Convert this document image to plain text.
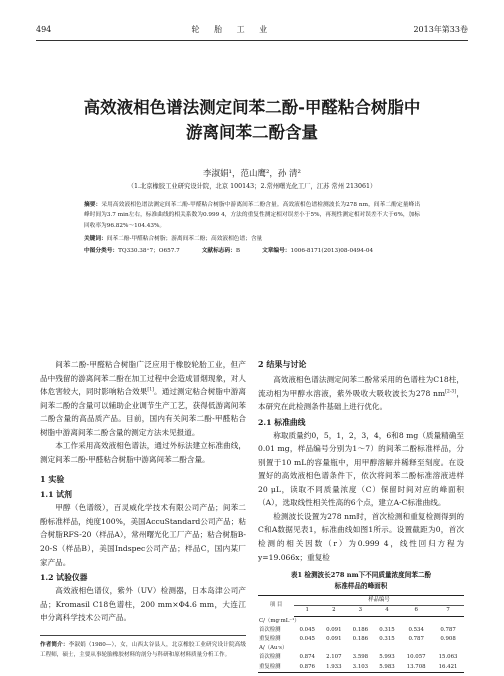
494	轮 胎 工 业	2013年第33卷
高效液相色谱法测定间苯二酚-甲醛粘合树脂中
游离间苯二酚含量
李淑娟¹，范山鹰²，孙 清²
（1.北京橡胶工业研究设计院，北京 100143；2.常州曙光化工厂，江苏 常州 213061）

摘要：采用高效液相色谱法测定间苯二酚-甲醛粘合树脂中游离间苯二酚含量。高效液相色谱检测波长为278 nm，间苯二酚定量峰出峰时间为3.7 min左右，标准曲线的相关系数为0.999 4，方法的重复性测定相对误差小于5%，再现性测定相对误差不大于6%，加标回收率为96.82%～104.43%。

关键词：间苯二酚-甲醛粘合树脂；游离间苯二酚；高效液相色谱；含量

中图分类号：TQ330.38⁺7；O657.7	文献标志码：B	文章编号：1006-8171(2013)08-0494-04

间苯二酚-甲醛粘合树脂广泛应用于橡胶轮胎工业，但产品中残留的游离间苯二酚在加工过程中会造成冒烟现象，对人体危害较大，同时影响粘合效果[1]。通过测定粘合树脂中游离间苯二酚的含量可以辅助企业调节生产工艺，获得低游离间苯二酚含量的高品质产品。目前，国内有关间苯二酚-甲醛粘合树脂中游离间苯二酚含量的测定方法未见报道。

本工作采用高效液相色谱法，通过外标法建立标准曲线，测定间苯二酚-甲醛粘合树脂中游离间苯二酚含量。

1 实验
1.1 试剂

甲醇（色谱级），百灵威化学技术有限公司产品；间苯二酚标准样品，纯度100%，美国AccuStandard公司产品；粘合树脂RFS-20（样品A），常州曙光化工厂产品；粘合树脂B-20-S（样品B），美国Indspec公司产品；样品C，国内某厂家产品。

1.2 试验仪器

高效液相色谱仪，紫外（UV）检测器，日本岛津公司产品；Kromasil C18色谱柱，200 mm×Φ4.6 mm，大连江申分离科学技术公司产品。

作者简介：李淑娟（1980—），女，山西太谷县人，北京橡胶工业研究设计院高级工程师，硕士，主要从事轮胎橡胶材料的剖分与科研和原材料质量分析工作。
2 结果与讨论

高效液相色谱法测定间苯二酚常采用的色谱柱为C18柱，流动相为甲醇水溶液，紫外吸收大吸收波长为278 nm[2-3]，本研究在此检测条件基础上进行优化。

2.1 标准曲线

称取质量约0，5，1，2，3，4，6和8 mg（质量精确至0.01 mg，样品编号分别为1～7）的间苯二酚标准样品，分别置于10 mL的容量瓶中，用甲醇溶解并稀释至刻度。在设置好的高效液相色谱条件下，依次将间苯二酚标准溶液进样20 μL，读取不同质量浓度（C）保留时间对应的峰面积（A），选取线性相关性高的6个点，建立A-C标准曲线。

检测波长设置为278 nm时，首次检测和重复检测得到的C和A数据见表1，标准曲线如图1所示。设置截距为0，首次检测的相关因数（r）为0.999 4，线性回归方程为y=19.066x；重复检

表1 检测波长278 nm下不同质量浓度间苯二酚
标准样品的峰面积
项 目	样品编号					
	1	2	3	4	6	7
C/（mg·mL⁻¹）						
首次检测	0.045	0.091	0.186	0.315	0.534	0.787
重复检测	0.045	0.091	0.186	0.315	0.787	0.908
A/（Au·s）						
首次检测	0.874	2.107	3.598	5.993	10.057	15.063
重复检测	0.876	1.933	3.103	5.983	13.708	16.421
